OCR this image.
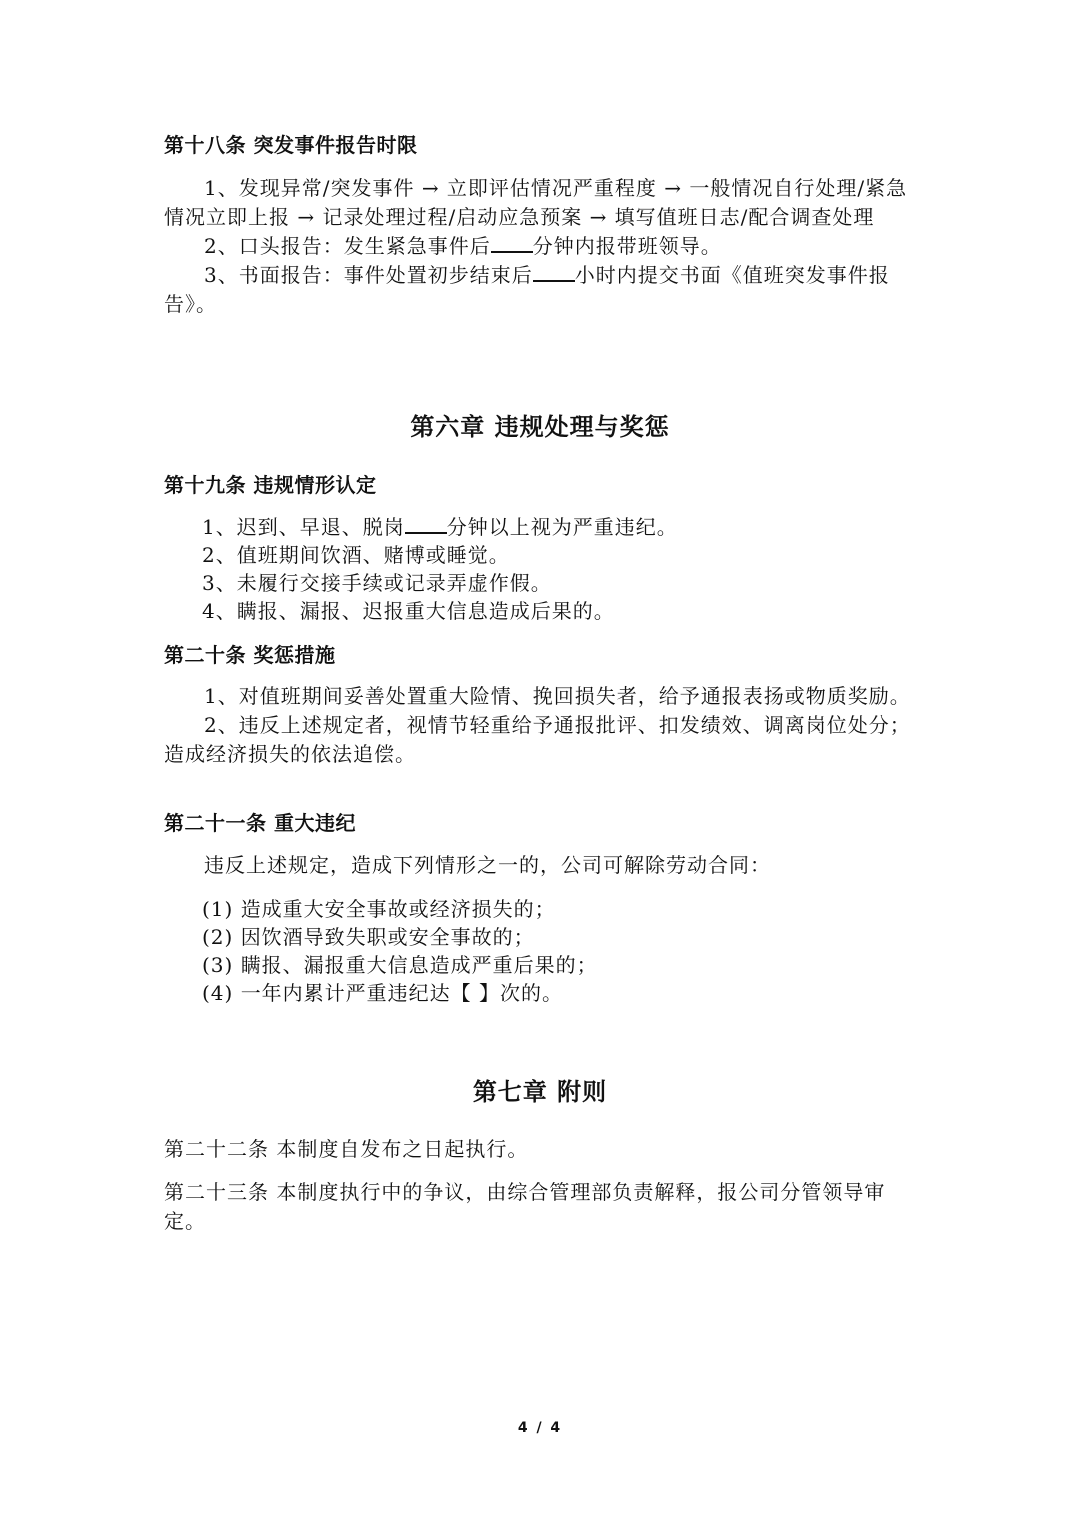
第十八条 突发事件报告时限

1、发现异常/突发事件 → 立即评估情况严重程度 → 一般情况自行处理/紧急情况立即上报 → 记录处理过程/启动应急预案 → 填写值班日志/配合调查处理

2、口头报告：发生紧急事件后 分钟内报带班领导。

3、书面报告：事件处置初步结束后 小时内提交书面《值班突发事件报告》。

第六章 违规处理与奖惩
第十九条 违规情形认定

1、迟到、早退、脱岗 分钟以上视为严重违纪。

2、值班期间饮酒、赌博或睡觉。

3、未履行交接手续或记录弄虚作假。

4、瞒报、漏报、迟报重大信息造成后果的。

第二十条 奖惩措施

1、对值班期间妥善处置重大险情、挽回损失者，给予通报表扬或物质奖励。

2、违反上述规定者，视情节轻重给予通报批评、扣发绩效、调离岗位处分；造成经济损失的依法追偿。

第二十一条 重大违纪

违反上述规定，造成下列情形之一的，公司可解除劳动合同：

(1) 造成重大安全事故或经济损失的；

(2) 因饮酒导致失职或安全事故的；

(3) 瞒报、漏报重大信息造成严重后果的；

(4) 一年内累计严重违纪达【 】次的。

第七章 附则

第二十二条 本制度自发布之日起执行。

第二十三条 本制度执行中的争议，由综合管理部负责解释，报公司分管领导审定。

4 / 4
